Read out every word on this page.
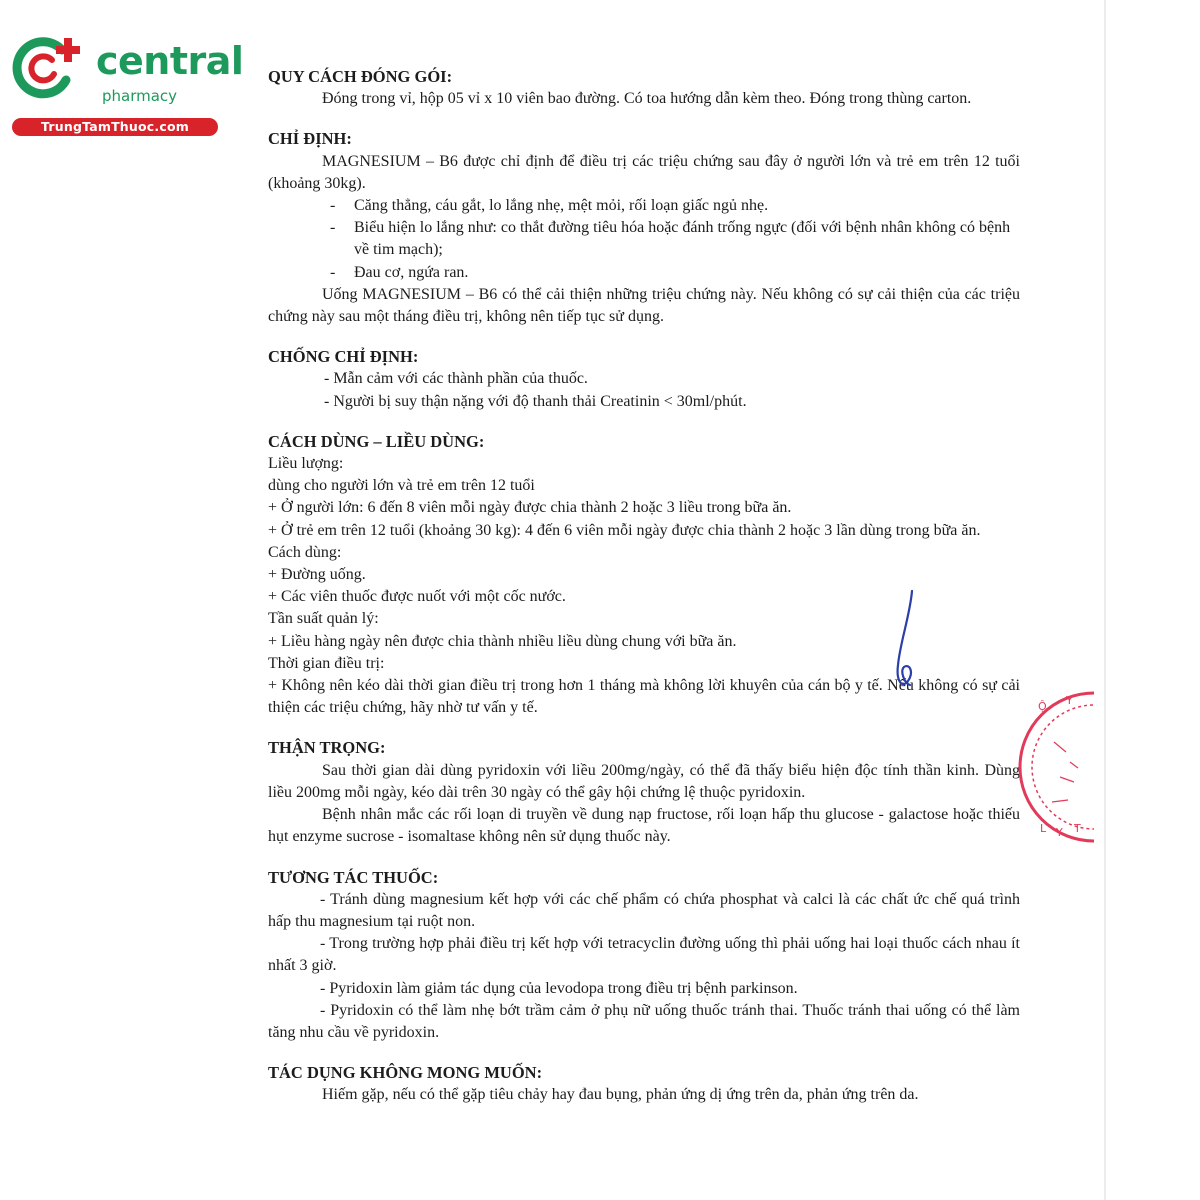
central
pharmacy
TrungTamThuoc.com

QUY CÁCH ĐÓNG GÓI:

Đóng trong vỉ, hộp 05 vỉ x 10 viên bao đường. Có toa hướng dẫn kèm theo. Đóng trong thùng carton.

CHỈ ĐỊNH:

MAGNESIUM – B6 được chỉ định để điều trị các triệu chứng sau đây ở người lớn và trẻ em trên 12 tuổi (khoảng 30kg).

- Căng thẳng, cáu gắt, lo lắng nhẹ, mệt mỏi, rối loạn giấc ngủ nhẹ.

- Biểu hiện lo lắng như: co thắt đường tiêu hóa hoặc đánh trống ngực (đối với bệnh nhân không có bệnh về tim mạch);

- Đau cơ, ngứa ran.

Uống MAGNESIUM – B6 có thể cải thiện những triệu chứng này. Nếu không có sự cải thiện của các triệu chứng này sau một tháng điều trị, không nên tiếp tục sử dụng.

CHỐNG CHỈ ĐỊNH:

- Mẫn cảm với các thành phần của thuốc.

- Người bị suy thận nặng với độ thanh thải Creatinin < 30ml/phút.

CÁCH DÙNG – LIỀU DÙNG:

Liều lượng:

dùng cho người lớn và trẻ em trên 12 tuổi

+ Ở người lớn: 6 đến 8 viên mỗi ngày được chia thành 2 hoặc 3 liều trong bữa ăn.

+ Ở trẻ em trên 12 tuổi (khoảng 30 kg): 4 đến 6 viên mỗi ngày được chia thành 2 hoặc 3 lần dùng trong bữa ăn.

Cách dùng:

+ Đường uống.

+ Các viên thuốc được nuốt với một cốc nước.

Tần suất quản lý:

+ Liều hàng ngày nên được chia thành nhiều liều dùng chung với bữa ăn.

Thời gian điều trị:

+ Không nên kéo dài thời gian điều trị trong hơn 1 tháng mà không lời khuyên của cán bộ y tế. Nếu không có sự cải thiện các triệu chứng, hãy nhờ tư vấn y tế.

THẬN TRỌNG:

Sau thời gian dài dùng pyridoxin với liều 200mg/ngày, có thể đã thấy biểu hiện độc tính thần kinh. Dùng liều 200mg mỗi ngày, kéo dài trên 30 ngày có thể gây hội chứng lệ thuộc pyridoxin.

Bệnh nhân mắc các rối loạn di truyền về dung nạp fructose, rối loạn hấp thu glucose - galactose hoặc thiếu hụt enzyme sucrose - isomaltase không nên sử dụng thuốc này.

TƯƠNG TÁC THUỐC:

- Tránh dùng magnesium kết hợp với các chế phẩm có chứa phosphat và calci là các chất ức chế quá trình hấp thu magnesium tại ruột non.

- Trong trường hợp phải điều trị kết hợp với tetracyclin đường uống thì phải uống hai loại thuốc cách nhau ít nhất 3 giờ.

- Pyridoxin làm giảm tác dụng của levodopa trong điều trị bệnh parkinson.

- Pyridoxin có thể làm nhẹ bớt trầm cảm ở phụ nữ uống thuốc tránh thai. Thuốc tránh thai uống có thể làm tăng nhu cầu về pyridoxin.

TÁC DỤNG KHÔNG MONG MUỐN:

Hiếm gặp, nếu có thể gặp tiêu chảy hay đau bụng, phản ứng dị ứng trên da, phản ứng trên da.

Ộ Y
L Y T
